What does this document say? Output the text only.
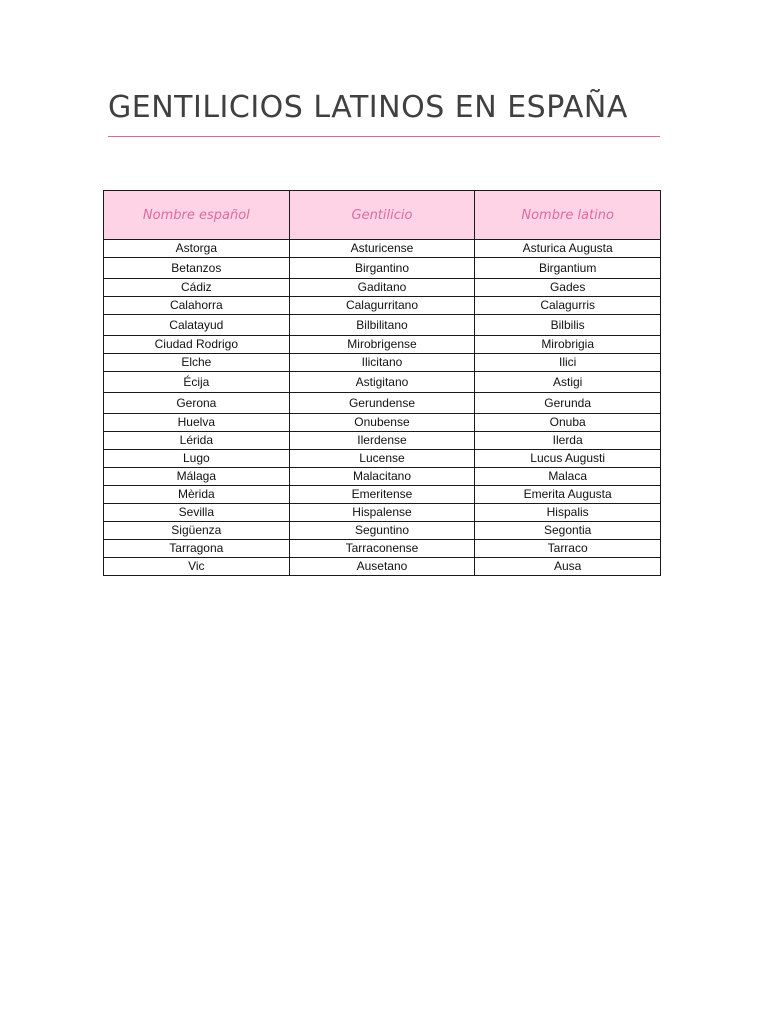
GENTILICIOS LATINOS EN ESPAÑA
Nombre español	Gentilicio	Nombre latino
Astorga	Asturicense	Asturica Augusta
Betanzos	Birgantino	Birgantium
Cádiz	Gaditano	Gades
Calahorra	Calagurritano	Calagurris
Calatayud	Bilbilitano	Bilbilis
Ciudad Rodrigo	Mirobrigense	Mirobrigia
Elche	Ilicitano	Ilici
Écija	Astigitano	Astigi
Gerona	Gerundense	Gerunda
Huelva	Onubense	Onuba
Lérida	Ilerdense	Ilerda
Lugo	Lucense	Lucus Augusti
Málaga	Malacitano	Malaca
Mèrida	Emeritense	Emerita Augusta
Sevilla	Hispalense	Hispalis
Sigüenza	Seguntino	Segontia
Tarragona	Tarraconense	Tarraco
Vic	Ausetano	Ausa
